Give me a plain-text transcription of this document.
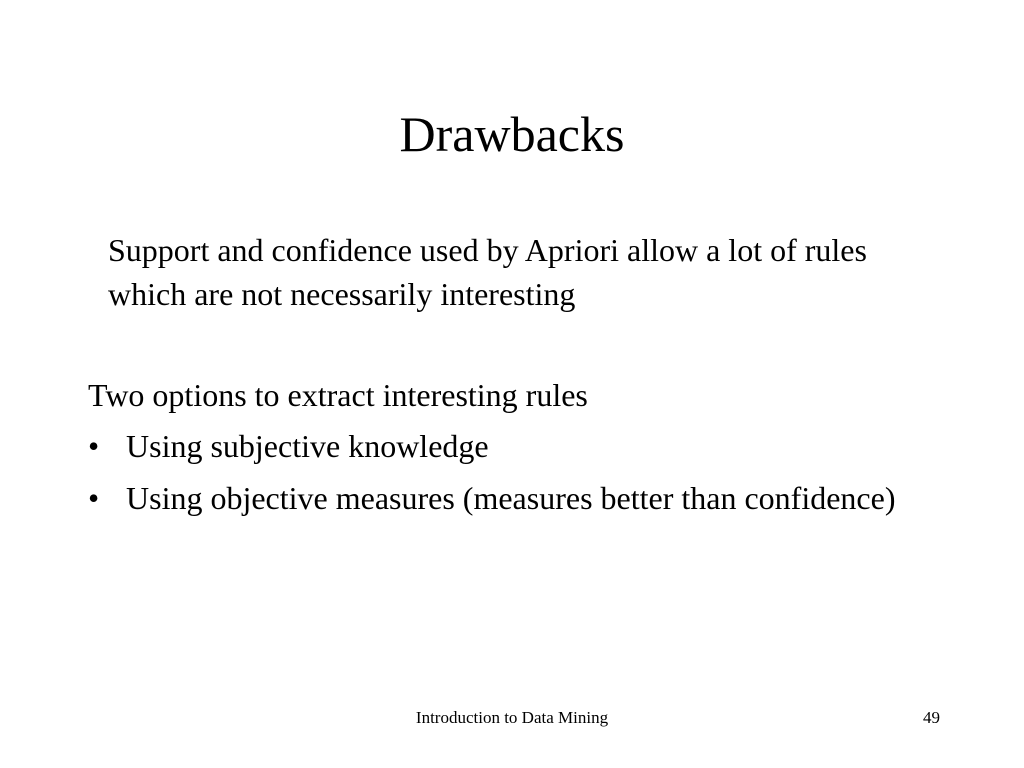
Drawbacks

Support and confidence used by Apriori allow a lot of rules which are not necessarily interesting

Two options to extract interesting rules

• Using subjective knowledge
• Using objective measures (measures better than confidence)
Introduction to Data Mining	49
